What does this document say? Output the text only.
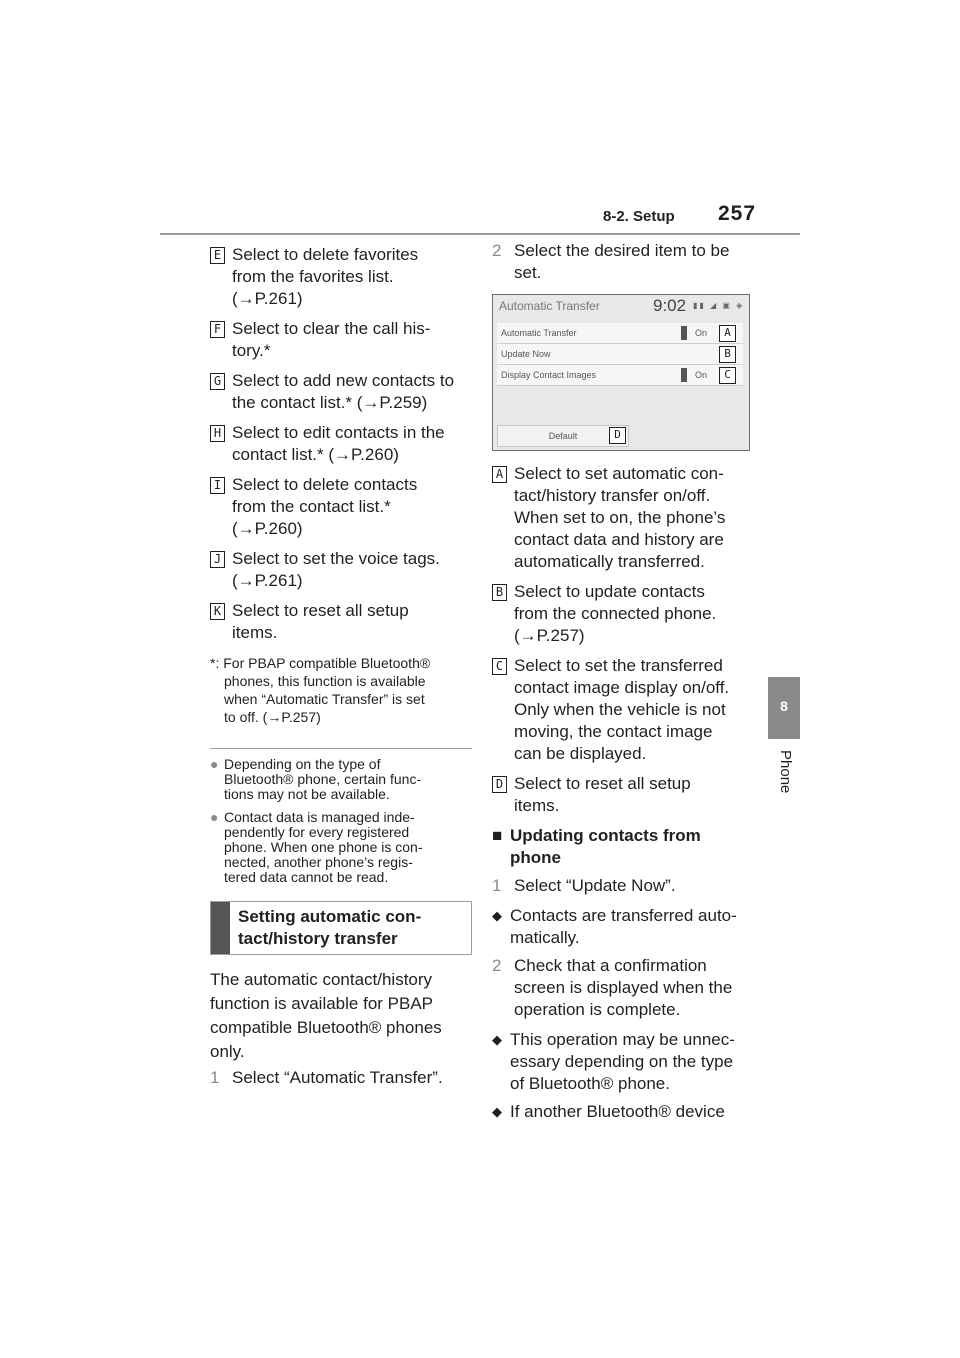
8-2. Setup 257
8
Phone
E Select to delete favorites
from the favorites list.
(→P.261)
F Select to clear the call his-
tory.*
G Select to add new contacts to
the contact list.* (→P.259)
H Select to edit contacts in the
contact list.* (→P.260)
I Select to delete contacts
from the contact list.*
(→P.260)
J Select to set the voice tags.
(→P.261)
K Select to reset all setup
items.
*: For PBAP compatible Bluetooth®
phones, this function is available
when “Automatic Transfer” is set
to off. (→P.257)
● Depending on the type of
Bluetooth® phone, certain func-
tions may not be available.
● Contact data is managed inde-
pendently for every registered
phone. When one phone is con-
nected, another phone’s regis-
tered data cannot be read.
Setting automatic con-
tact/history transfer
The automatic contact/history
function is available for PBAP
compatible Bluetooth® phones
only.
1 Select “Automatic Transfer”.
2 Select the desired item to be
set.
Automatic Transfer	9:02 ▮▮ ◢ ▣ ◈
Automatic Transfer	On	A
Update Now	B
Display Contact Images	On	C
Default	D
A Select to set automatic con-
tact/history transfer on/off.
When set to on, the phone’s
contact data and history are
automatically transferred.
B Select to update contacts
from the connected phone.
(→P.257)
C Select to set the transferred
contact image display on/off.
Only when the vehicle is not
moving, the contact image
can be displayed.
D Select to reset all setup
items.
■ Updating contacts from
phone
1 Select “Update Now”.
◆ Contacts are transferred auto-
matically.
2 Check that a confirmation
screen is displayed when the
operation is complete.
◆ This operation may be unnec-
essary depending on the type
of Bluetooth® phone.
◆ If another Bluetooth® device
